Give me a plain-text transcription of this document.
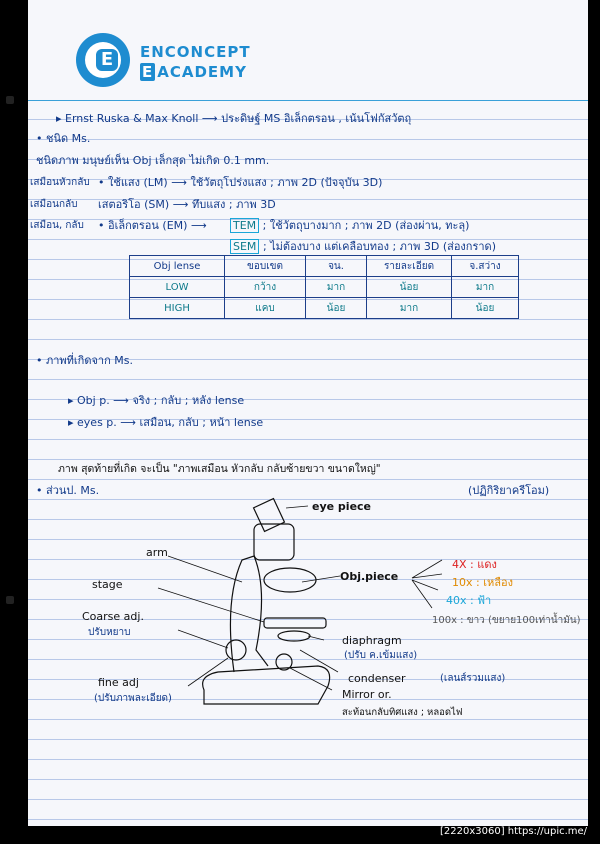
E	ENCONCEPT
E ACADEMY
▸ Ernst Ruska & Max Knoll ⟶ ประดิษฐ์ MS อิเล็กตรอน , เน้นโฟกัสวัตถุ
• ชนิด Ms.
ชนิดภาพ มนุษย์เห็น Obj เล็กสุด ไม่เกิด 0.1 mm.
เสมือนหัวกลับ • ใช้แสง (LM) ⟶ ใช้วัตถุโปร่งแสง ; ภาพ 2D (ปัจจุบัน 3D)
เสมือนกลับ เสตอริโอ (SM) ⟶ ทึบแสง ; ภาพ 3D
เสมือน, กลับ • อิเล็กตรอน (EM) ⟶ TEM ; ใช้วัตถุบางมาก ; ภาพ 2D (ส่องผ่าน, ทะลุ)
SEM ; ไม่ต้องบาง แต่เคลือบทอง ; ภาพ 3D (ส่องกราด)
Obj lense	ขอบเขต	จน.	รายละเอียด	จ.สว่าง
LOW	กว้าง	มาก	น้อย	มาก
HIGH	แคบ	น้อย	มาก	น้อย
• ภาพที่เกิดจาก Ms.
▸ Obj p. ⟶ จริง ; กลับ ; หลัง lense
▸ eyes p. ⟶ เสมือน, กลับ ; หน้า lense
ภาพ สุดท้ายที่เกิด จะเป็น "ภาพเสมือน หัวกลับ กลับซ้ายขวา ขนาดใหญ่"
(ปฏิกิริยาครีโอม)
• ส่วนป. Ms.
eye piece
arm
stage
Obj.piece
Coarse adj.
ปรับหยาบ
diaphragm
(ปรับ ค.เข้มแสง)
fine adj
(ปรับภาพละเอียด)
condenser	(เลนส์รวมแสง)
Mirror or.
สะท้อนกลับทิศแสง ; หลอดไฟ
4X : แดง
10x : เหลือง
40x : ฟ้า
100x : ขาว (ขยาย100เท่าน้ำมัน)
[2220x3060] https://upic.me/
